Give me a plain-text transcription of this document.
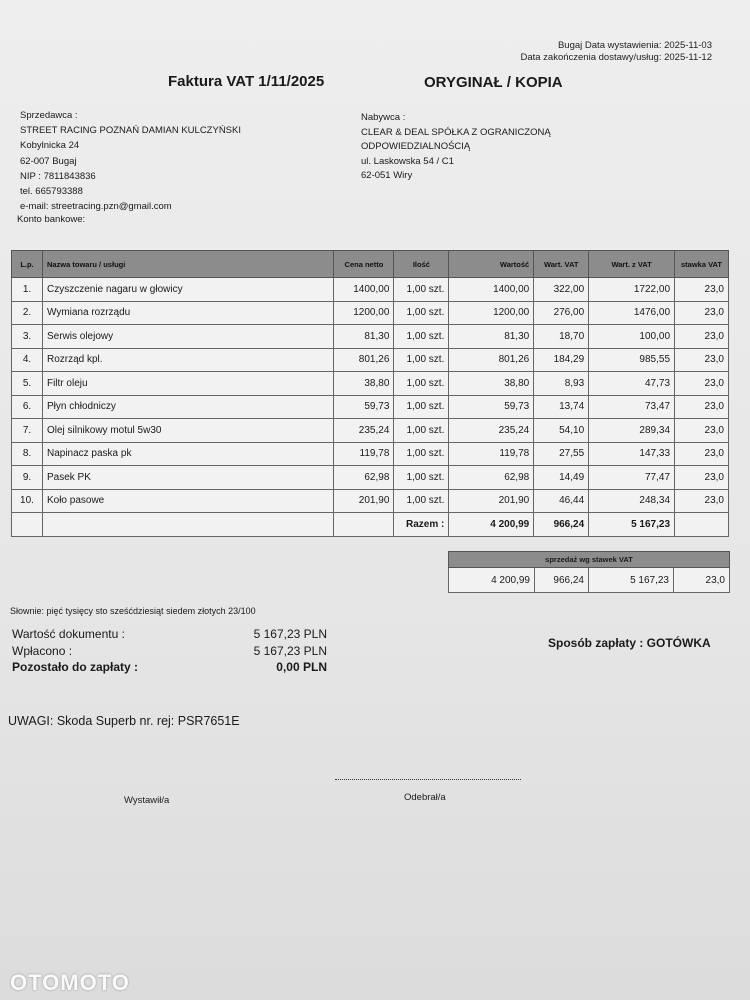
Bugaj Data wystawienia: 2025-11-03
Data zakończenia dostawy/usług: 2025-11-12
Faktura VAT 1/11/2025	ORYGINAŁ / KOPIA
Sprzedawca :
STREET RACING POZNAŃ DAMIAN KULCZYŃSKI
Kobylnicka 24
62-007 Bugaj
NIP : 7811843836
tel. 665793388
e-mail: streetracing.pzn@gmail.com
Nabywca :
CLEAR & DEAL SPÓŁKA Z OGRANICZONĄ
ODPOWIEDZIALNOŚCIĄ
ul. Laskowska 54 / C1
62-051 Wiry
Konto bankowe:
L.p.	Nazwa towaru / usługi	Cena netto	Ilość	Wartość	Wart. VAT	Wart. z VAT	stawka VAT
1.	Czyszczenie nagaru w głowicy	1400,00	1,00 szt.	1400,00	322,00	1722,00	23,0
2.	Wymiana rozrządu	1200,00	1,00 szt.	1200,00	276,00	1476,00	23,0
3.	Serwis olejowy	81,30	1,00 szt.	81,30	18,70	100,00	23,0
4.	Rozrząd kpl.	801,26	1,00 szt.	801,26	184,29	985,55	23,0
5.	Filtr oleju	38,80	1,00 szt.	38,80	8,93	47,73	23,0
6.	Płyn chłodniczy	59,73	1,00 szt.	59,73	13,74	73,47	23,0
7.	Olej silnikowy motul 5w30	235,24	1,00 szt.	235,24	54,10	289,34	23,0
8.	Napinacz paska pk	119,78	1,00 szt.	119,78	27,55	147,33	23,0
9.	Pasek PK	62,98	1,00 szt.	62,98	14,49	77,47	23,0
10.	Koło pasowe	201,90	1,00 szt.	201,90	46,44	248,34	23,0
			Razem :	4 200,99	966,24	5 167,23	
sprzedaż wg stawek VAT
4 200,99	966,24	5 167,23	23,0
Słownie: pięć tysięcy sto sześćdziesiąt siedem złotych 23/100
Wartość dokumentu :	5 167,23 PLN
Wpłacono :	5 167,23 PLN
Pozostało do zapłaty :	0,00 PLN
Sposób zapłaty : GOTÓWKA
UWAGI: Skoda Superb nr. rej: PSR7651E
Wystawił/a	Odebrał/a
OTOMOTO
